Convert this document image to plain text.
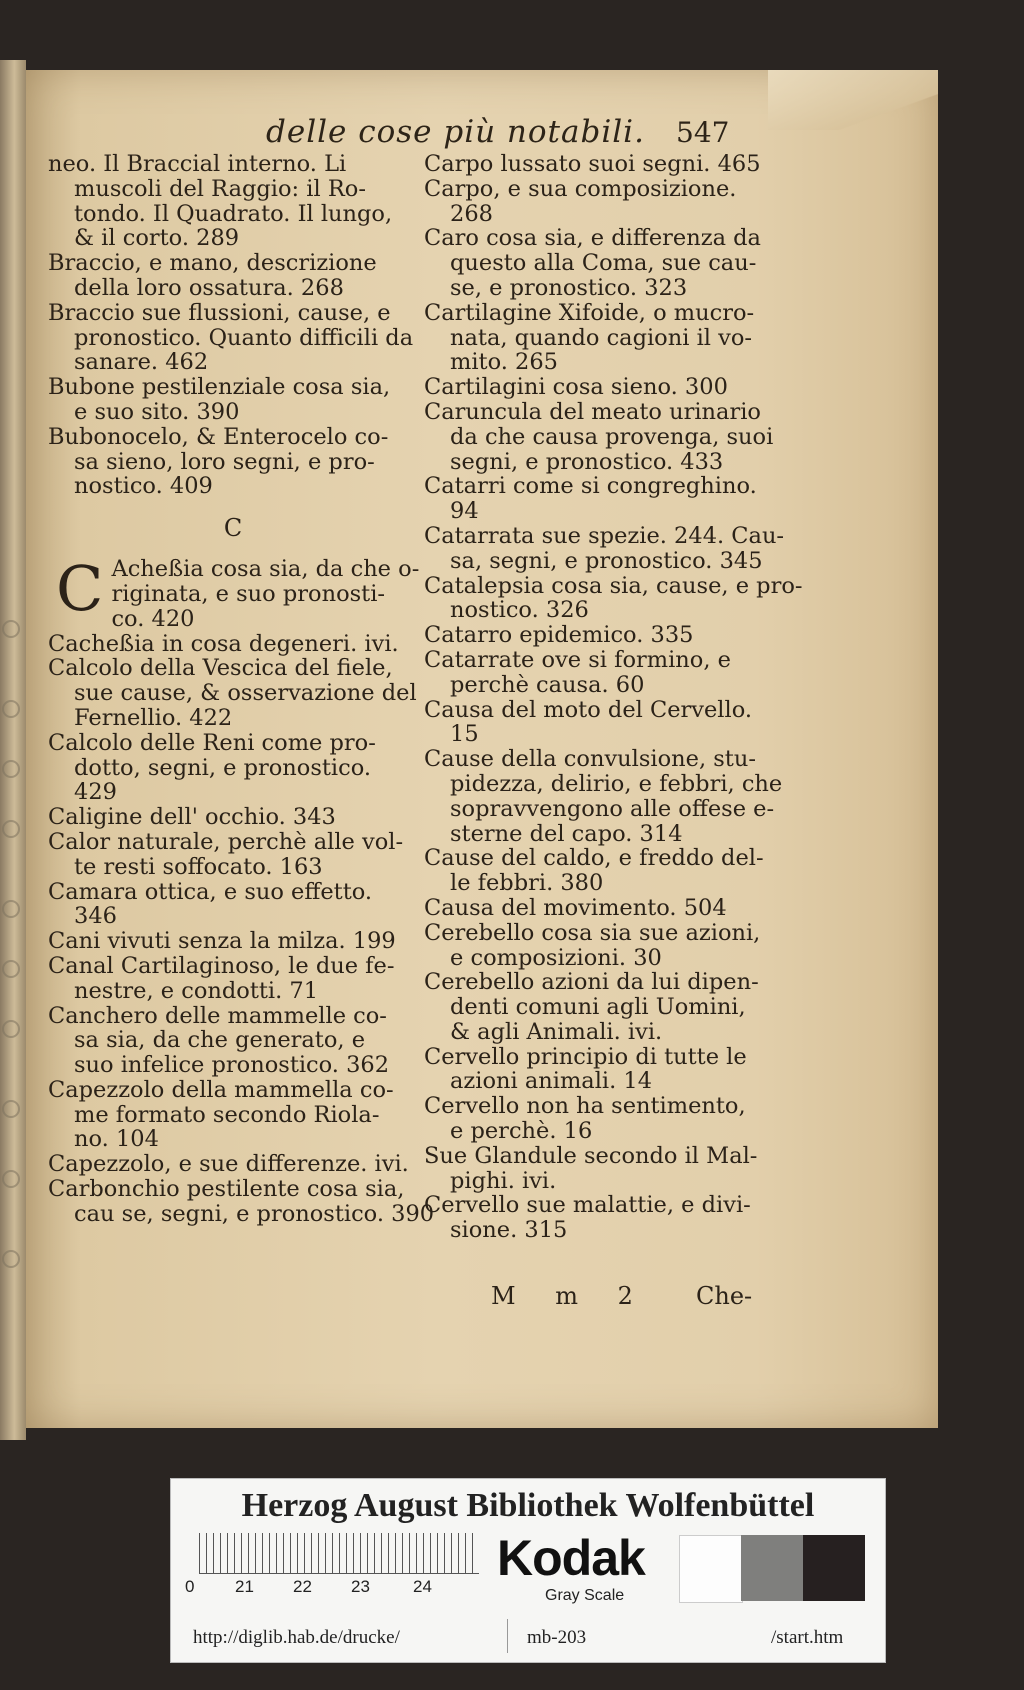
delle cose più notabili.	547
neo. Il Braccial interno. Li
muscoli del Raggio: il Ro-
tondo. Il Quadrato. Il lungo,
& il corto. 289
Braccio, e mano, descrizione
della loro ossatura. 268
Braccio sue flussioni, cause, e
pronostico. Quanto difficili da
sanare. 462
Bubone pestilenziale cosa sia,
e suo sito. 390
Bubonocelo, & Enterocelo co-
sa sieno, loro segni, e pro-
nostico. 409
C
C Acheßia cosa sia, da che o-
riginata, e suo pronosti-
co. 420
Cacheßia in cosa degeneri. ivi.
Calcolo della Vescica del fiele,
sue cause, & osservazione del
Fernellio. 422
Calcolo delle Reni come pro-
dotto, segni, e pronostico.
429
Caligine dell' occhio. 343
Calor naturale, perchè alle vol-
te resti soffocato. 163
Camara ottica, e suo effetto.
346
Cani vivuti senza la milza. 199
Canal Cartilaginoso, le due fe-
nestre, e condotti. 71
Canchero delle mammelle co-
sa sia, da che generato, e
suo infelice pronostico. 362
Capezzolo della mammella co-
me formato secondo Riola-
no. 104
Capezzolo, e sue differenze. ivi.
Carbonchio pestilente cosa sia,
cau se, segni, e pronostico. 390
Carpo lussato suoi segni. 465
Carpo, e sua composizione.
268
Caro cosa sia, e differenza da
questo alla Coma, sue cau-
se, e pronostico. 323
Cartilagine Xifoide, o mucro-
nata, quando cagioni il vo-
mito. 265
Cartilagini cosa sieno. 300
Caruncula del meato urinario
da che causa provenga, suoi
segni, e pronostico. 433
Catarri come si congreghino.
94
Catarrata sue spezie. 244. Cau-
sa, segni, e pronostico. 345
Catalepsia cosa sia, cause, e pro-
nostico. 326
Catarro epidemico. 335
Catarrate ove si formino, e
perchè causa. 60
Causa del moto del Cervello.
15
Cause della convulsione, stu-
pidezza, delirio, e febbri, che
sopravvengono alle offese e-
sterne del capo. 314
Cause del caldo, e freddo del-
le febbri. 380
Causa del movimento. 504
Cerebello cosa sia sue azioni,
e composizioni. 30
Cerebello azioni da lui dipen-
denti comuni agli Uomini,
& agli Animali. ivi.
Cervello principio di tutte le
azioni animali. 14
Cervello non ha sentimento,
e perchè. 16
Sue Glandule secondo il Mal-
pighi. ivi.
Cervello sue malattie, e divi-
sione. 315
M m 2 Che-
Herzog August Bibliothek Wolfenbüttel
0 21 22 23	24
Kodak
Gray Scale
http://diglib.hab.de/drucke/	mb-203	/start.htm
